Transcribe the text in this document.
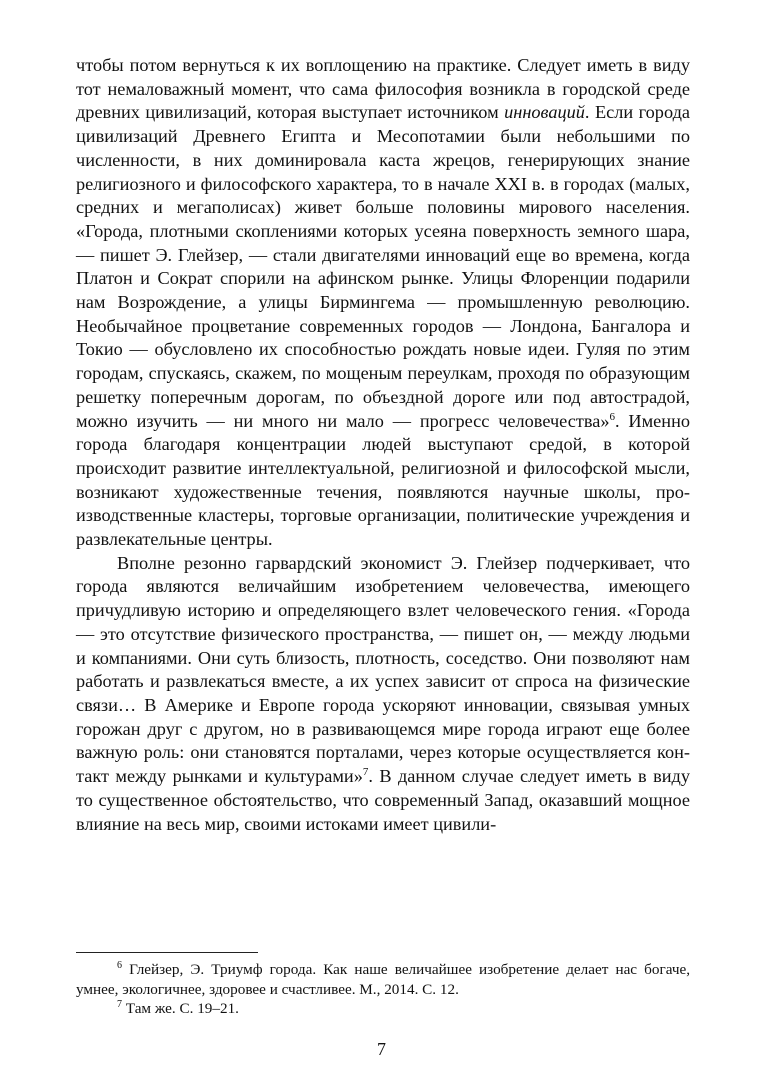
чтобы потом вернуться к их воплощению на практике. Следует иметь в виду тот немаловажный момент, что сама философия возникла в городской среде древних цивилизаций, которая выступает источником инноваций. Если города цивилизаций Древнего Египта и Месопотамии были небольшими по численности, в них доминировала каста жрецов, генерирующих знание религиозного и философского характера, то в начале XXI в. в городах (малых, средних и мегаполисах) живет больше половины мирового населения. «Города, плотными скоплениями которых усеяна поверхность земного шара, — пишет Э. Глейзер, — стали двигателями инноваций еще во времена, когда Платон и Сократ спорили на афинском рынке. Улицы Флоренции подарили нам Возрождение, а улицы Бирмингема — промышленную революцию. Необычайное процветание современных городов — Лондона, Бангалора и Токио — обусловлено их способностью рождать новые идеи. Гуляя по этим городам, спускаясь, скажем, по мощеным переулкам, проходя по образующим решетку поперечным дорогам, по объездной дороге или под автострадой, можно изучить — ни много ни мало — прогресс человечества»$^6$. Именно города благодаря концентрации людей выступают средой, в которой происходит развитие интеллектуальной, религиозной и философской мысли, возникают художественные течения, появляются научные школы, производственные кластеры, торговые организации, политические учреждения и развлекательные центры.

Вполне резонно гарвардский экономист Э. Глейзер подчеркивает, что города являются величайшим изобретением человечества, имеющего причудливую историю и определяющего взлет человеческого гения. «Города — это отсутствие физического пространства, — пишет он, — между людьми и компаниями. Они суть близость, плотность, соседство. Они позволяют нам работать и развлекаться вместе, а их успех зависит от спроса на физические связи… В Америке и Европе города ускоряют инновации, связывая умных горожан друг с другом, но в развивающемся мире города играют еще более важную роль: они становятся порталами, через которые осуществляется контакт между рынками и культурами»$^7$. В данном случае следует иметь в виду то существенное обстоятельство, что современный Запад, оказавший мощное влияние на весь мир, своими истоками имеет цивили-

$^6$ Глейзер, Э. Триумф города. Как наше величайшее изобретение делает нас богаче, умнее, экологичнее, здоровее и счастливее. М., 2014. С. 12.

$^7$ Там же. С. 19–21.

7
